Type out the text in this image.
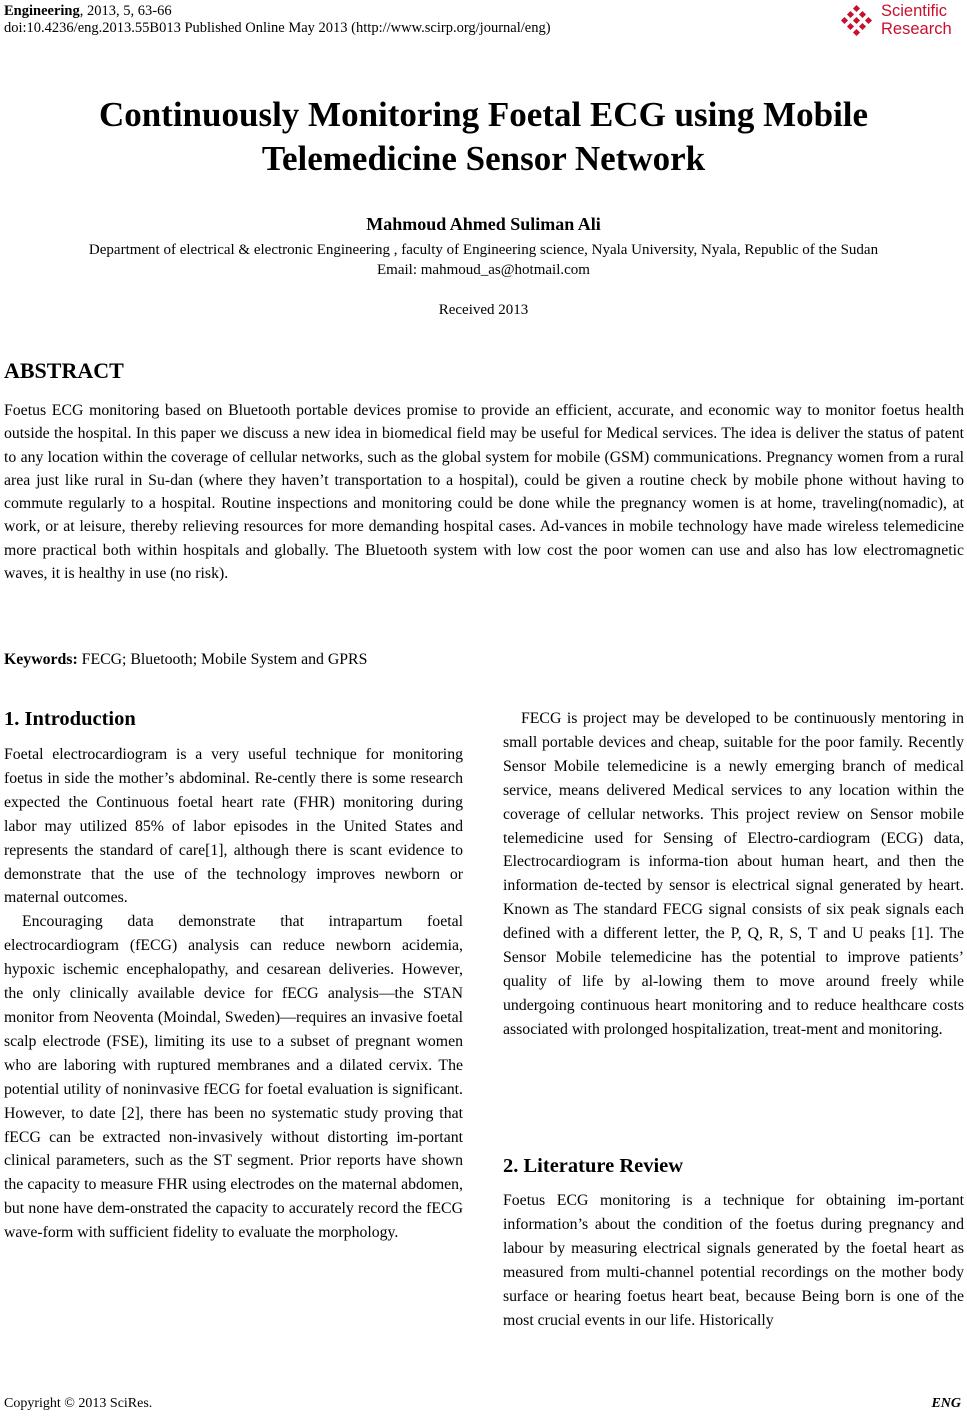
Engineering, 2013, 5, 63-66
doi:10.4236/eng.2013.55B013 Published Online May 2013 (http://www.scirp.org/journal/eng)
Scientific
Research
Continuously Monitoring Foetal ECG using Mobile
Telemedicine Sensor Network
Mahmoud Ahmed Suliman Ali
Department of electrical & electronic Engineering , faculty of Engineering science, Nyala University, Nyala, Republic of the Sudan
Email: mahmoud_as@hotmail.com
Received 2013
ABSTRACT
Foetus ECG monitoring based on Bluetooth portable devices promise to provide an efficient, accurate, and economic way to monitor foetus health outside the hospital. In this paper we discuss a new idea in biomedical field may be useful for Medical services. The idea is deliver the status of patent to any location within the coverage of cellular networks, such as the global system for mobile (GSM) communications. Pregnancy women from a rural area just like rural in Su-dan (where they haven’t transportation to a hospital), could be given a routine check by mobile phone without having to commute regularly to a hospital. Routine inspections and monitoring could be done while the pregnancy women is at home, traveling(nomadic), at work, or at leisure, thereby relieving resources for more demanding hospital cases. Ad-vances in mobile technology have made wireless telemedicine more practical both within hospitals and globally. The Bluetooth system with low cost the poor women can use and also has low electromagnetic waves, it is healthy in use (no risk).
Keywords: FECG; Bluetooth; Mobile System and GPRS
1. Introduction

Foetal electrocardiogram is a very useful technique for monitoring foetus in side the mother’s abdominal. Re-cently there is some research expected the Continuous foetal heart rate (FHR) monitoring during labor may utilized 85% of labor episodes in the United States and represents the standard of care[1], although there is scant evidence to demonstrate that the use of the technology improves newborn or maternal outcomes.

Encouraging data demonstrate that intrapartum foetal electrocardiogram (fECG) analysis can reduce newborn acidemia, hypoxic ischemic encephalopathy, and cesarean deliveries. However, the only clinically available device for fECG analysis—the STAN monitor from Neoventa (Moindal, Sweden)—requires an invasive foetal scalp electrode (FSE), limiting its use to a subset of pregnant women who are laboring with ruptured membranes and a dilated cervix. The potential utility of noninvasive fECG for foetal evaluation is significant. However, to date [2], there has been no systematic study proving that fECG can be extracted non-invasively without distorting im-portant clinical parameters, such as the ST segment. Prior reports have shown the capacity to measure FHR using electrodes on the maternal abdomen, but none have dem-onstrated the capacity to accurately record the fECG wave-form with sufficient fidelity to evaluate the morphology.

FECG is project may be developed to be continuously mentoring in small portable devices and cheap, suitable for the poor family. Recently Sensor Mobile telemedicine is a newly emerging branch of medical service, means delivered Medical services to any location within the coverage of cellular networks. This project review on Sensor mobile telemedicine used for Sensing of Electro-cardiogram (ECG) data, Electrocardiogram is informa-tion about human heart, and then the information de-tected by sensor is electrical signal generated by heart. Known as The standard FECG signal consists of six peak signals each defined with a different letter, the P, Q, R, S, T and U peaks [1]. The Sensor Mobile telemedicine has the potential to improve patients’ quality of life by al-lowing them to move around freely while undergoing continuous heart monitoring and to reduce healthcare costs associated with prolonged hospitalization, treat-ment and monitoring.

2. Literature Review

Foetus ECG monitoring is a technique for obtaining im-portant information’s about the condition of the foetus during pregnancy and labour by measuring electrical signals generated by the foetal heart as measured from multi-channel potential recordings on the mother body surface or hearing foetus heart beat, because Being born is one of the most crucial events in our life. Historically

Copyright © 2013 SciRes.	ENG
